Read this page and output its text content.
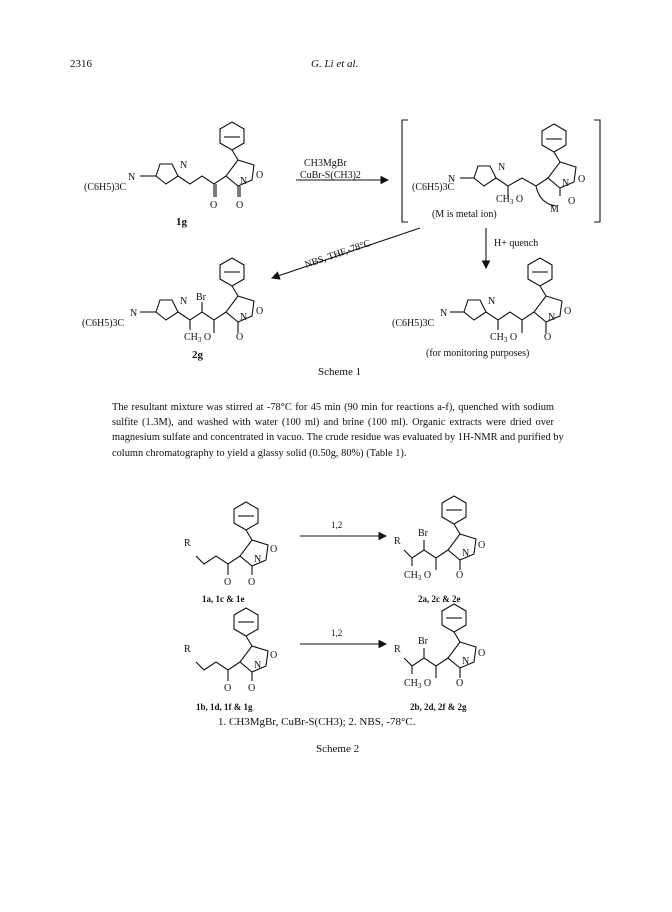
2316	G. Li et al.
N
N	N
O
O O
(C6H5)3C
1g
CH3MgBr
CuBr-S(CH3)2
N
N	N O
$CH_3$ O
M
O
(C6H5)3C
(M is metal ion)
H+ quench
NBS, THF,-78°C
N
N
Br
N
O
$CH_3$ O O
(C6H5)3C
2g
N
N	N
O
$CH_3$ O	O
(C6H5)3C
(for monitoring purposes)
R
N
O
O O
1a, 1c & 1e
1,2
R
Br
N
O
$CH_3$ O O
2a, 2c & 2e
R
N
O
O O
1b, 1d, 1f & 1g
1,2
R
Br
N
O
$CH_3$ O O
2b, 2d, 2f & 2g
Scheme 1
The resultant mixture was stirred at -78°C for 45 min (90 min for reactions a-f), quenched with sodium
sulfite (1.3M), and washed with water (100 ml) and brine (100 ml). Organic extracts were dried over
magnesium sulfate and concentrated in vacuo. The crude residue was evaluated by 1H-NMR and purified by
column chromatography to yield a glassy solid (0.50g, 80%) (Table 1).
1. CH3MgBr, CuBr-S(CH3); 2. NBS, -78°C.
Scheme 2
